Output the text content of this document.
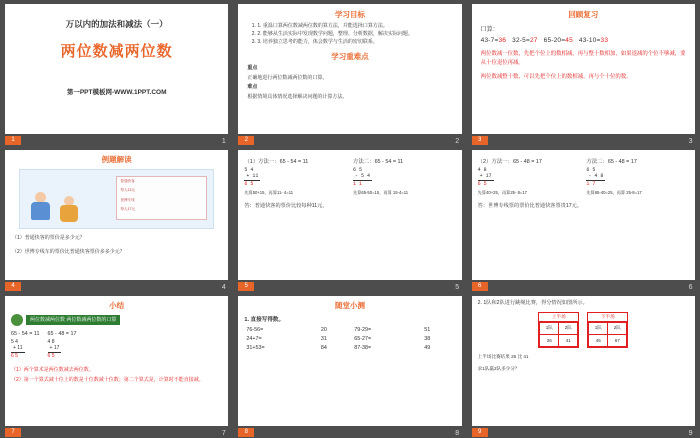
万以内的加法和减法（一）
两位数减两位数
第一PPT模板网-WWW.1PPT.COM
1	1
学习目标
1. 1. 重温口算两位数减两位数的算方法，并能选择口算方法。
2. 2. 能够从生活实际中发现数学问题，整理、分析数据，解决实际问题。
3. 3. 培养独立思考的能力，体会数学与生活的密切联系。
学习重难点
重点
正确地进行两位数减两位数的口算。
难点
根据情境具体情况选择解决问题的计算方法。
2	2
回顾复习
口算：
43-7=36 32-5=27 65-20=45 43-10=33
两位数减一位数，先把个位上的数相减，再与整十数相加，如果退减的个位不够减，要从十位退位再减。
两位数减整十数，可以先把个位上的数相减，再与个十位的数。
3	3
例题解读
普通快客
每人13元
世博专线
每人17元
（1）普通快客的票价是多少元？
（2）世博专线车的票价比普通快客票价多多少元？
4	4
（1）方法一：65 - 54 = 11
5 4
+ 11
6 5
先算50+15，再算11- 4=11
方法二：65 - 54 = 11
6 5
- 5 4
1 1
先算65-50=15，再算 15-4=11
答：普通快客的票价比较每种11元。
5	5
（2）方法一：65 - 48 = 17
4 8
+ 17
6 5
先算40+25，再算25- 8=17
方法二：65 - 48 = 17
6 5
- 4 8
1 7
先算65-40=25，再算 25-8=17
答：世博专线票的票价比普通快客票贵17元。
6	6
小结
两位数减两位数 两位数减两位数的口算
65 - 54 = 11
5 4
+ 11
6 5
65 - 48 = 17
4 8
+ 17
6 5
（1）两个算术是两位数减去两位数。
（2）第一个算式减十位上的数是十位数减十位数；第二个算式是，计算时不能直接减。
7	7
随堂小测
1. 直接写得数。
76-56=	20	79-29=	51
24+7=	31	65-27=	38
31+53=	84	87-38=	49
8	8
2. 1队和2队进行跳绳比赛，得分情况如图所示。
上半场
1队	2队
26	41
下半场
1队	2队
45	67
上半场比赛结果 26 比 41
求1队赢2队多少分？
9	9
